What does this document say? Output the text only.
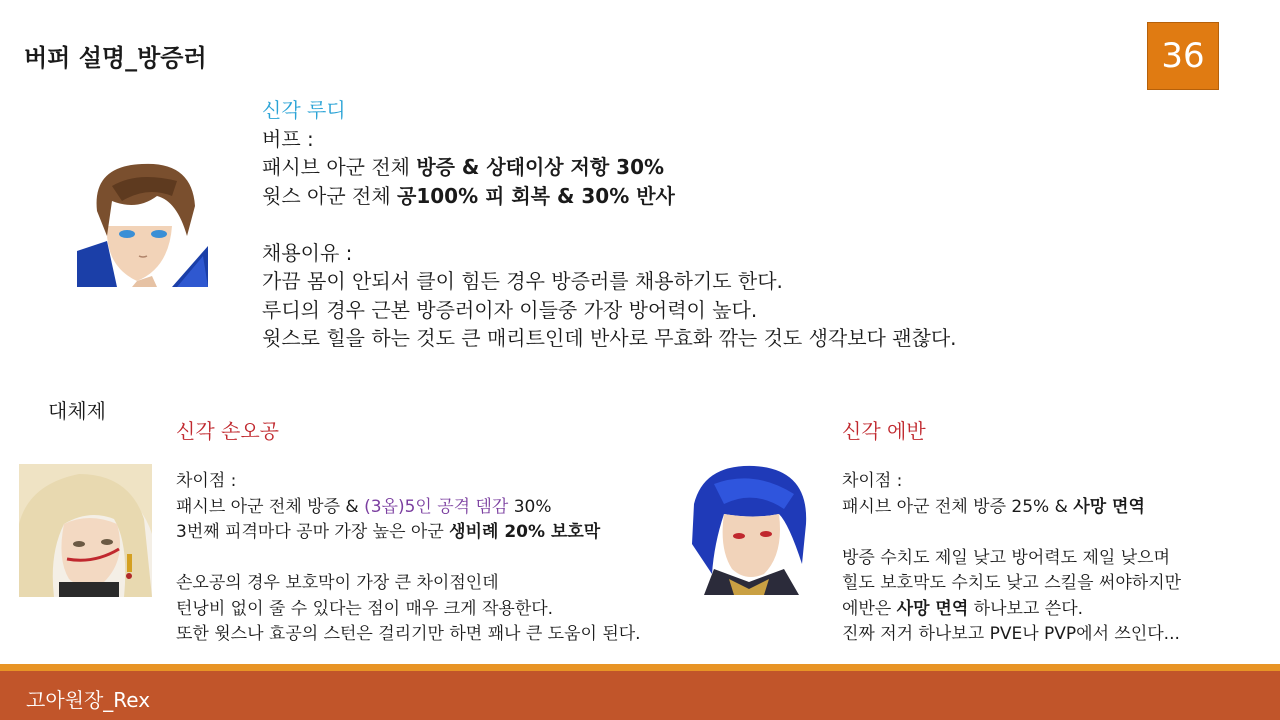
버퍼 설명_방증러	36
신각 루디
버프 :
패시브 아군 전체 방증 & 상태이상 저항 30%
윗스 아군 전체 공100% 피 회복 & 30% 반사
채용이유 :
가끔 몸이 안되서 클이 힘든 경우 방증러를 채용하기도 한다.
루디의 경우 근본 방증러이자 이들중 가장 방어력이 높다.
윗스로 힐을 하는 것도 큰 매리트인데 반사로 무효화 깎는 것도 생각보다 괜찮다.
대체제
신각 손오공
차이점 :
패시브 아군 전체 방증 & (3옵)5인 공격 뎀감 30%
3번째 피격마다 공마 가장 높은 아군 생비례 20% 보호막
손오공의 경우 보호막이 가장 큰 차이점인데
턴낭비 없이 줄 수 있다는 점이 매우 크게 작용한다.
또한 윗스나 효공의 스턴은 걸리기만 하면 꽤나 큰 도움이 된다.
신각 에반
차이점 :
패시브 아군 전체 방증 25% & 사망 면역
방증 수치도 제일 낮고 방어력도 제일 낮으며
힐도 보호막도 수치도 낮고 스킬을 써야하지만
에반은 사망 면역 하나보고 쓴다.
진짜 저거 하나보고 PVE나 PVP에서 쓰인다...
고아원장_Rex
